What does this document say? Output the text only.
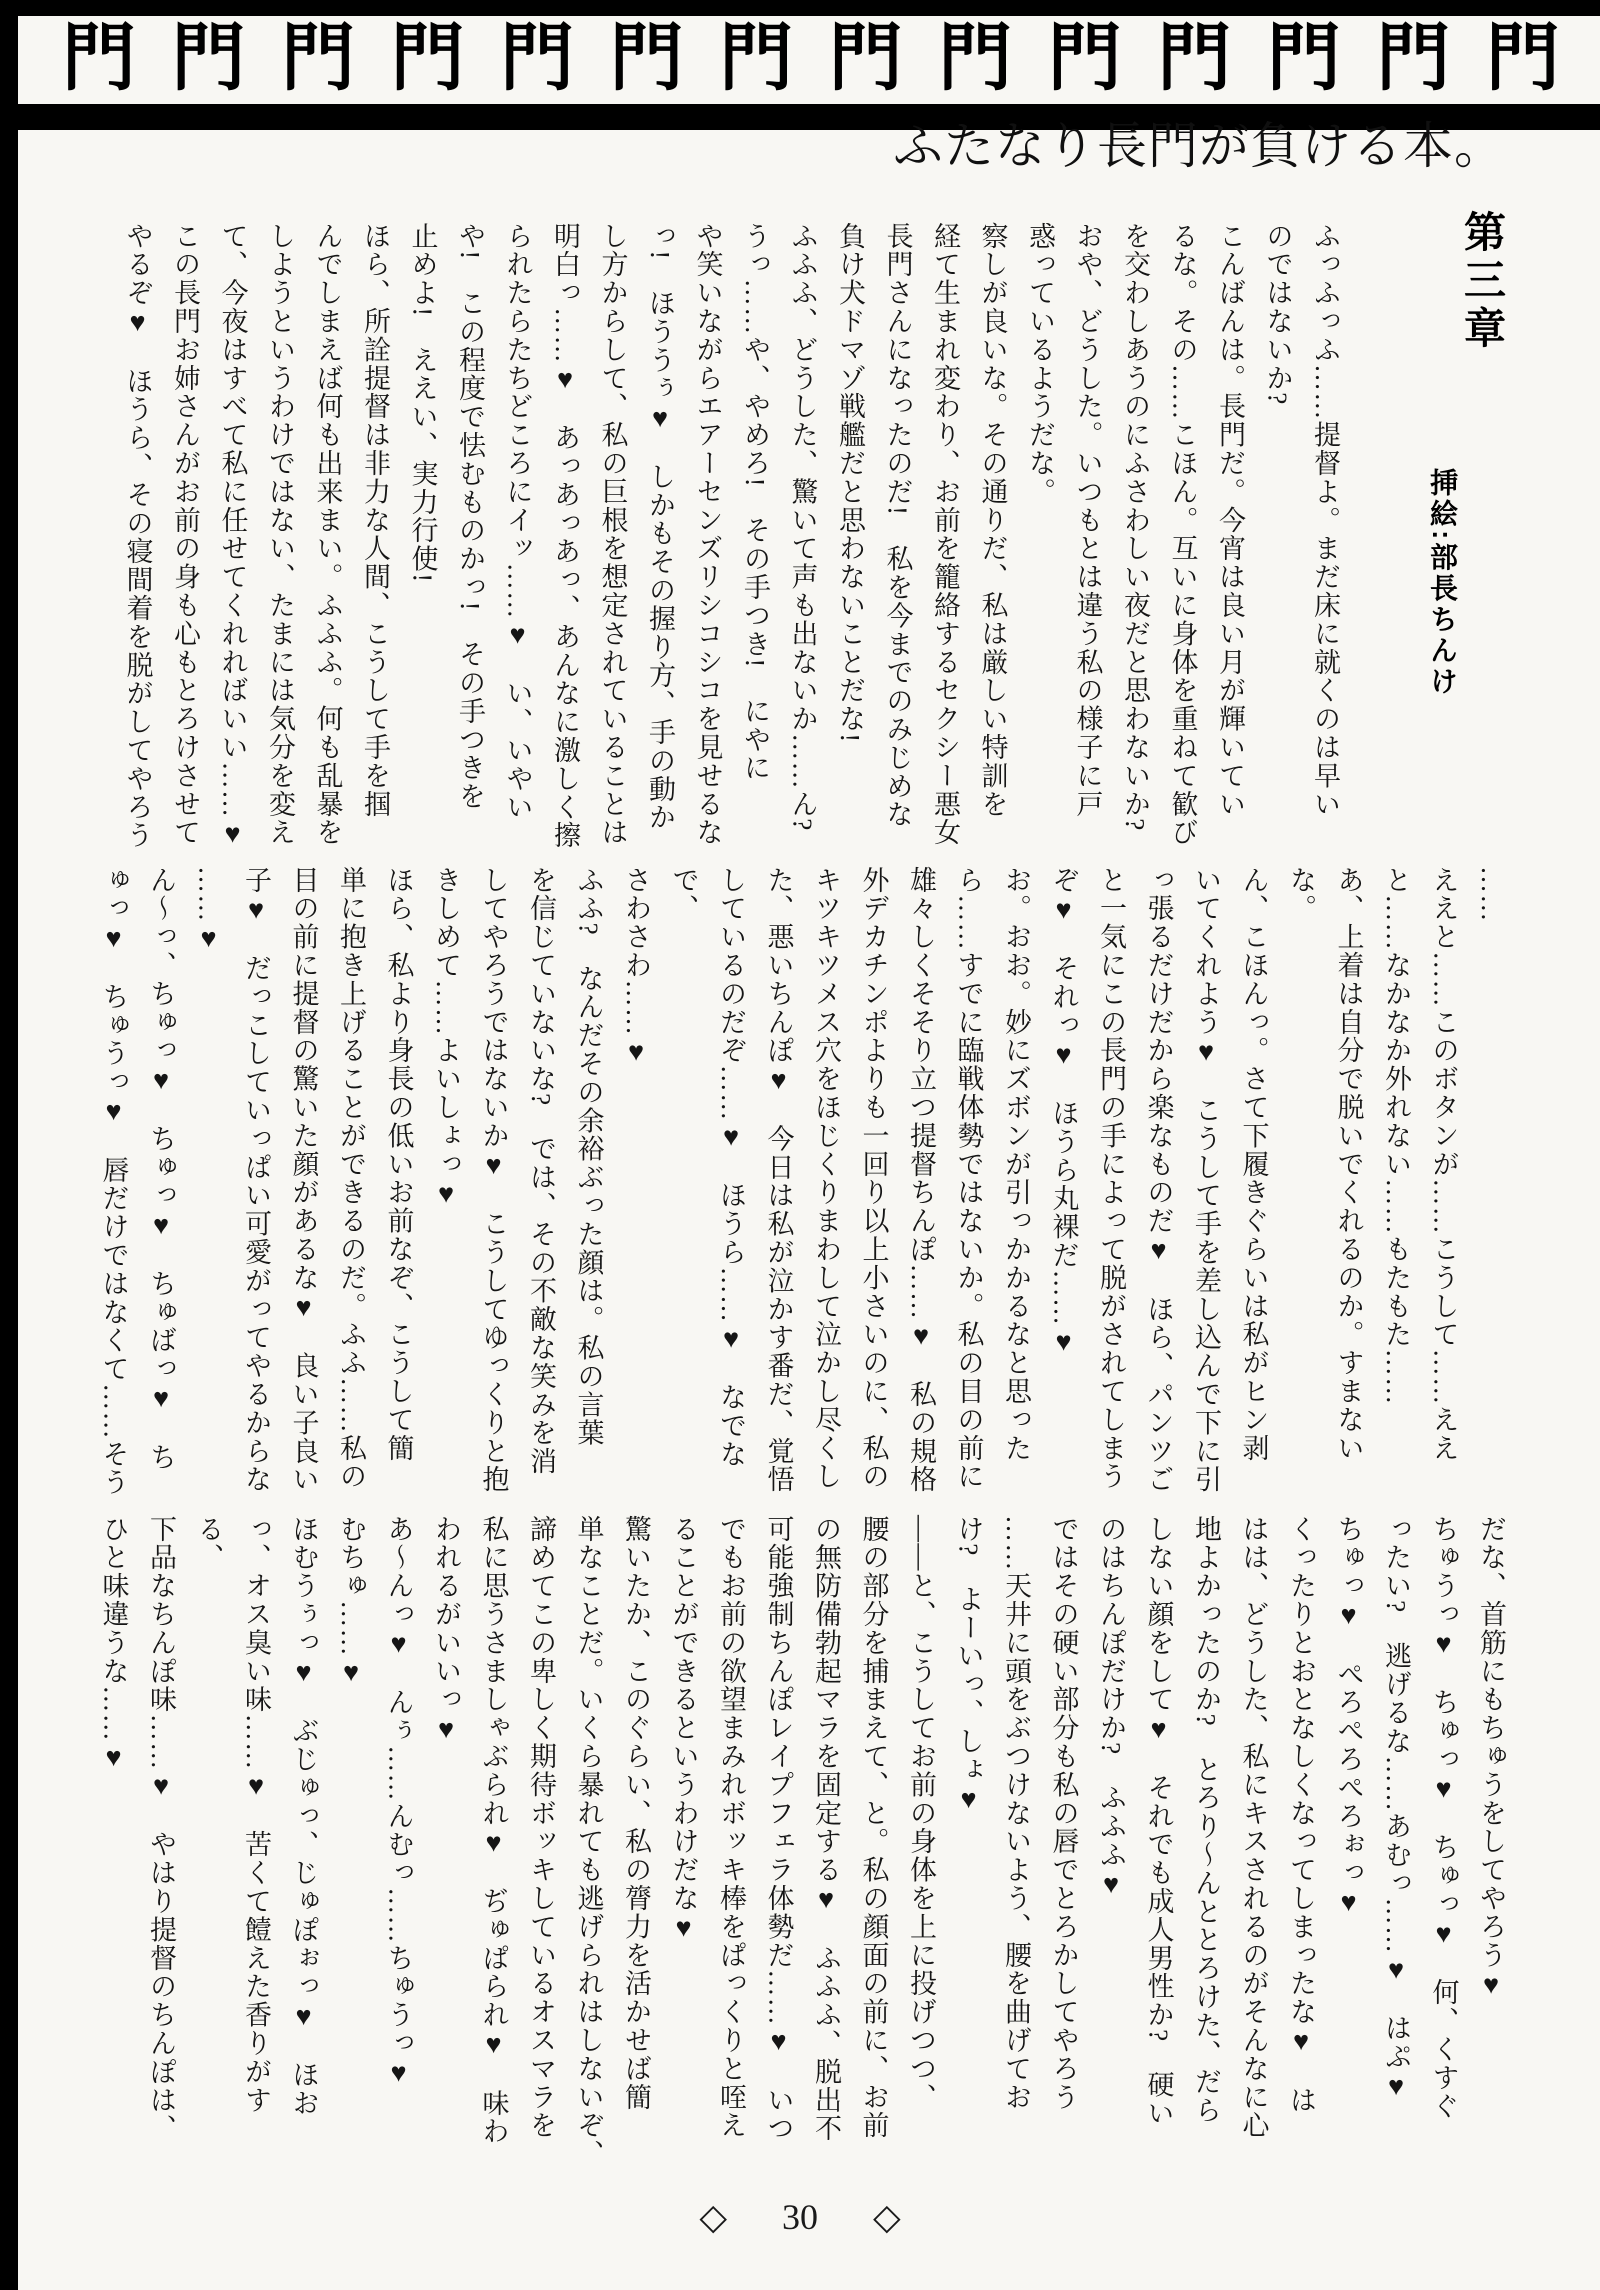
門 門 門 門 門 門 門 門 門 門 門 門 門 門
ふたなり長門が負ける本。
第三章
挿絵:部長ちんけ

ふっふっふ……提督よ。まだ床に就くのは早い

のではないか?

こんばんは。長門だ。今宵は良い月が輝いてい

るな。その……こほん。互いに身体を重ねて歓び

を交わしあうのにふさわしい夜だと思わないか?

おや、どうした。いつもとは違う私の様子に戸

惑っているようだな。

察しが良いな。その通りだ、私は厳しい特訓を

経て生まれ変わり、お前を籠絡するセクシー悪女

長門さんになったのだ!　私を今までのみじめな

負け犬ドマゾ戦艦だと思わないことだな!

ふふふ、どうした、驚いて声も出ないか……ん?

うっ……や、やめろ!　その手つき!　にやに

や笑いながらエアーセンズリシコシコを見せるな

っ!　ほううぅ♥　しかもその握り方、手の動か

し方からして、私の巨根を想定されていることは

明白っ……♥　あっあっあっ、あんなに激しく擦

られたらたちどころにイッ……♥　い、いやい

や!　この程度で怯むものかっ!　その手つきを

止めよ!　ええい、実力行使!

ほら、所詮提督は非力な人間、こうして手を掴

んでしまえば何も出来まい。ふふふ。何も乱暴を

しようというわけではない、たまには気分を変え

て、今夜はすべて私に任せてくれればいい……♥

この長門お姉さんがお前の身も心もとろけさせて

やるぞ♥　ほうら、その寝間着を脱がしてやろう

……

ええと……このボタンが……こうして……ええ

と……なかなか外れない……もたもた……

あ、上着は自分で脱いでくれるのか。すまない

な。

ん、こほんっ。さて下履きぐらいは私がヒン剥

いてくれよう♥　こうして手を差し込んで下に引

っ張るだけだから楽なものだ♥　ほら、パンツご

と一気にこの長門の手によって脱がされてしまう

ぞ♥　それっ♥　ほうら丸裸だ……♥

お。おお。妙にズボンが引っかかるなと思った

ら……すでに臨戦体勢ではないか。私の目の前に

雄々しくそそり立つ提督ちんぽ……♥　私の規格

外デカチンポよりも一回り以上小さいのに、私の

キツキツメス穴をほじくりまわして泣かし尽くし

た、悪いちんぽ♥　今日は私が泣かす番だ、覚悟

しているのだぞ……♥　ほうら……♥　なでなで、

さわさわ……♥

ふふ?　なんだその余裕ぶった顔は。私の言葉

を信じていないな?　では、その不敵な笑みを消

してやろうではないか♥　こうしてゆっくりと抱

きしめて……よいしょっ♥

ほら、私より身長の低いお前なぞ、こうして簡

単に抱き上げることができるのだ。ふふ……私の

目の前に提督の驚いた顔があるな♥　良い子良い

子♥　だっこしていっぱい可愛がってやるからな

……♥

ん〜っ、ちゅっ♥　ちゅっ♥　ちゅばっ♥　ち

ゅっ♥　ちゅうっ♥　唇だけではなくて……そう

だな、首筋にもちゅうをしてやろう♥

ちゅうっ♥　ちゅっ♥　ちゅっ♥　何、くすぐ

ったい?　逃げるな……あむっ……♥　はぷ♥

ちゅっ♥　ぺろぺろぺろぉっ♥

くったりとおとなしくなってしまったな♥　は

はは、どうした、私にキスされるのがそんなに心

地よかったのか?　とろり〜んととろけた、だら

しない顔をして♥　それでも成人男性か?　硬い

のはちんぽだけか?　ふふふ♥

ではその硬い部分も私の唇でとろかしてやろう

……天井に頭をぶつけないよう、腰を曲げてお

け?　よーいっ、しょ♥

――と、こうしてお前の身体を上に投げつつ、

腰の部分を捕まえて、と。私の顔面の前に、お前

の無防備勃起マラを固定する♥　ふふふ、脱出不

可能強制ちんぽレイプフェラ体勢だ……♥　いつ

でもお前の欲望まみれボッキ棒をぱっくりと咥え

ることができるというわけだな♥

驚いたか、このぐらい、私の膂力を活かせば簡

単なことだ。いくら暴れても逃げられはしないぞ、

諦めてこの卑しく期待ボッキしているオスマラを

私に思うさましゃぶられ♥　ぢゅぱられ♥　味わ

われるがいいっ♥

あ〜んっ♥　んぅ……んむっ……ちゅうっ♥

むちゅ……♥

ほむうぅっ♥　ぶじゅっ、じゅぽぉっ♥　ほお

っ、オス臭い味……♥　苦くて饐えた香りがする、

下品なちんぽ味……♥　やはり提督のちんぽは、

ひと味違うな……♥

◇ 30 ◇
